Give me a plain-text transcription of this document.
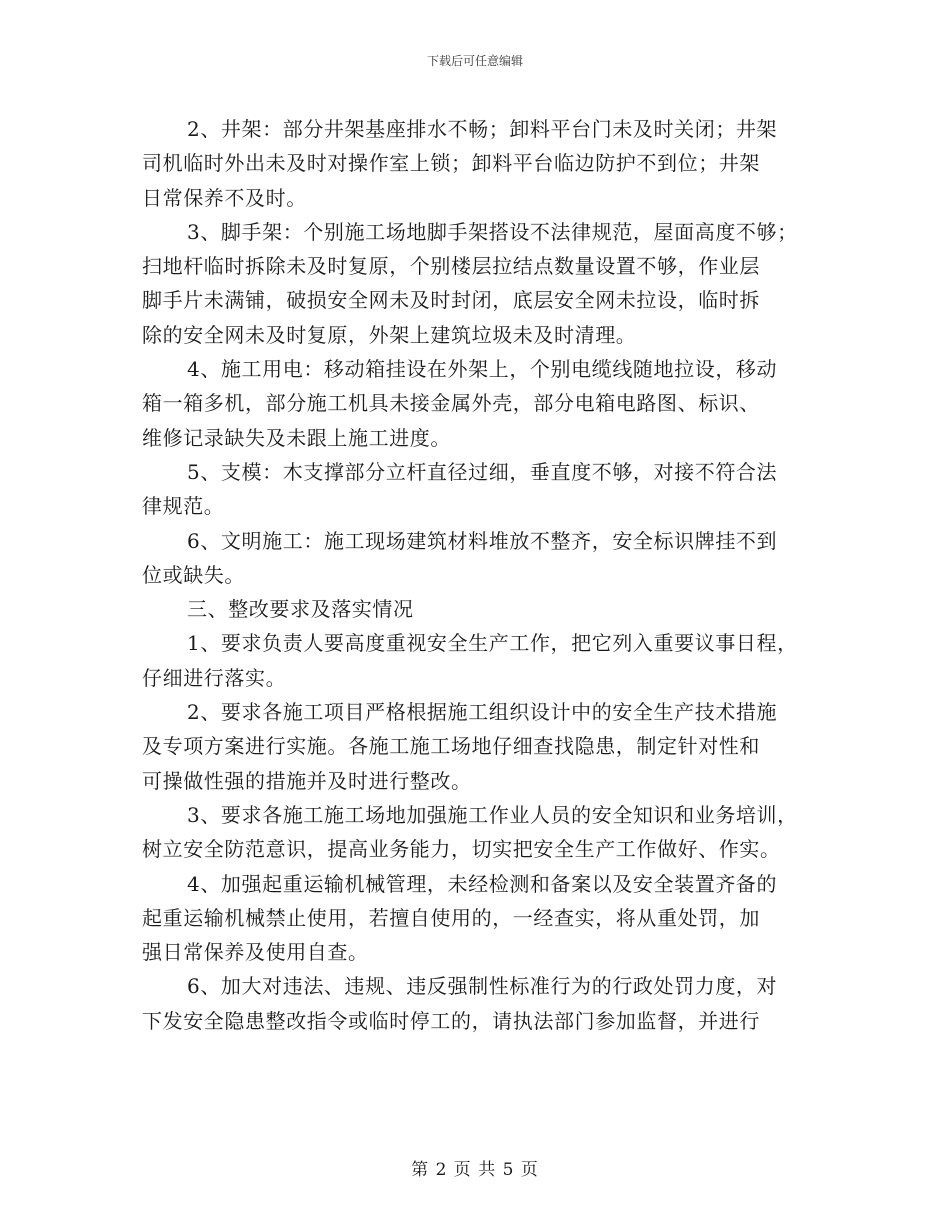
下载后可任意编辑
2、井架：部分井架基座排水不畅；卸料平台门未及时关闭；井架
司机临时外出未及时对操作室上锁；卸料平台临边防护不到位；井架
日常保养不及时。
3、脚手架：个别施工场地脚手架搭设不法律规范，屋面高度不够；
扫地杆临时拆除未及时复原，个别楼层拉结点数量设置不够，作业层
脚手片未满铺，破损安全网未及时封闭，底层安全网未拉设，临时拆
除的安全网未及时复原，外架上建筑垃圾未及时清理。
4、施工用电：移动箱挂设在外架上，个别电缆线随地拉设，移动
箱一箱多机，部分施工机具未接金属外壳，部分电箱电路图、标识、
维修记录缺失及未跟上施工进度。
5、支模：木支撑部分立杆直径过细，垂直度不够，对接不符合法
律规范。
6、文明施工：施工现场建筑材料堆放不整齐，安全标识牌挂不到
位或缺失。
三、整改要求及落实情况
1、要求负责人要高度重视安全生产工作，把它列入重要议事日程，
仔细进行落实。
2、要求各施工项目严格根据施工组织设计中的安全生产技术措施
及专项方案进行实施。各施工施工场地仔细查找隐患，制定针对性和
可操做性强的措施并及时进行整改。
3、要求各施工施工场地加强施工作业人员的安全知识和业务培训，
树立安全防范意识，提高业务能力，切实把安全生产工作做好、作实。
4、加强起重运输机械管理，未经检测和备案以及安全装置齐备的
起重运输机械禁止使用，若擅自使用的，一经查实，将从重处罚，加
强日常保养及使用自查。
6、加大对违法、违规、违反强制性标准行为的行政处罚力度，对
下发安全隐患整改指令或临时停工的，请执法部门参加监督，并进行
第 2 页 共 5 页
